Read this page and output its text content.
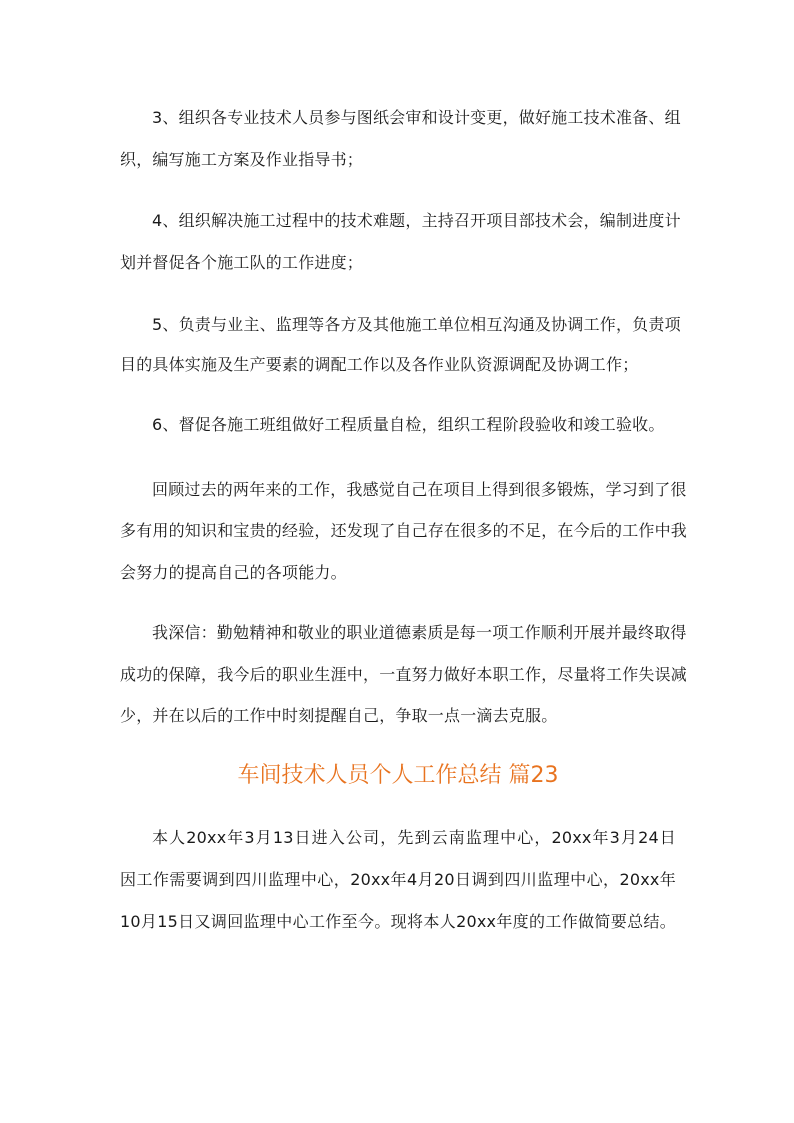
3、组织各专业技术人员参与图纸会审和设计变更，做好施工技术准备、组
织，编写施工方案及作业指导书；
4、组织解决施工过程中的技术难题，主持召开项目部技术会，编制进度计
划并督促各个施工队的工作进度；
5、负责与业主、监理等各方及其他施工单位相互沟通及协调工作，负责项
目的具体实施及生产要素的调配工作以及各作业队资源调配及协调工作；
6、督促各施工班组做好工程质量自检，组织工程阶段验收和竣工验收。
回顾过去的两年来的工作，我感觉自己在项目上得到很多锻炼，学习到了很
多有用的知识和宝贵的经验，还发现了自己存在很多的不足，在今后的工作中我
会努力的提高自己的各项能力。
我深信：勤勉精神和敬业的职业道德素质是每一项工作顺利开展并最终取得
成功的保障，我今后的职业生涯中，一直努力做好本职工作，尽量将工作失误减
少，并在以后的工作中时刻提醒自己，争取一点一滴去克服。
车间技术人员个人工作总结 篇23
本人20xx年3月13日进入公司，先到云南监理中心，20xx年3月24日
因工作需要调到四川监理中心，20xx年4月20日调到四川监理中心，20xx年
10月15日又调回监理中心工作至今。现将本人20xx年度的工作做简要总结。
